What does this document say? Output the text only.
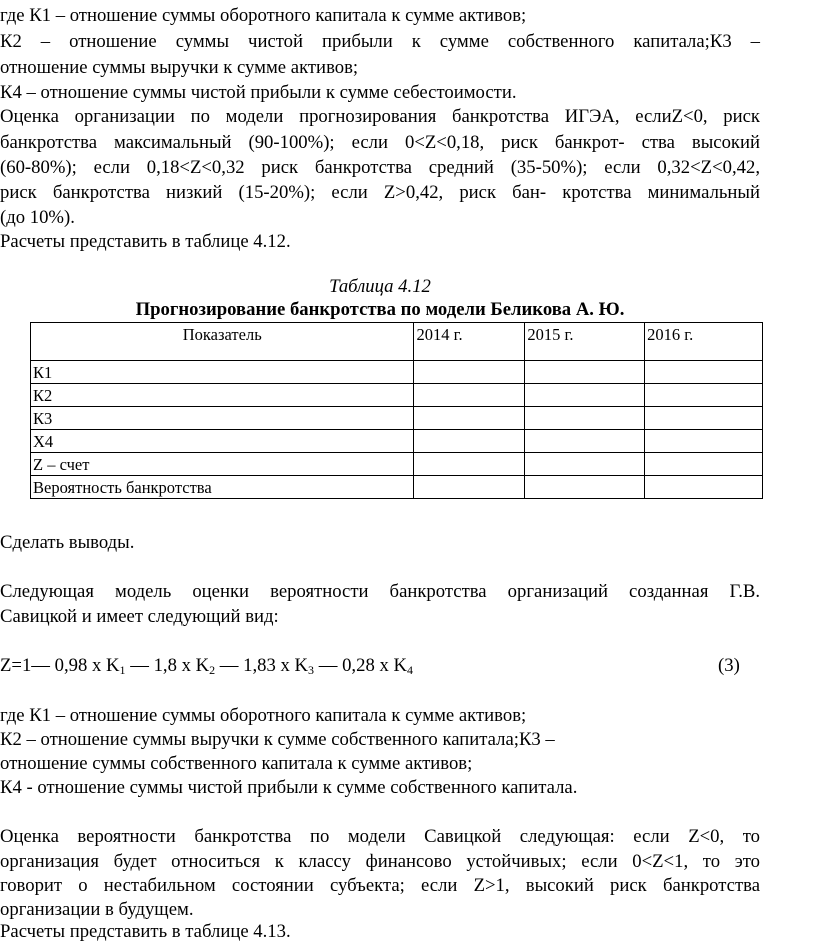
где К1 – отношение суммы оборотного капитала к сумме активов;
К2 – отношение суммы чистой прибыли к сумме собственного капитала;К3 –
отношение суммы выручки к сумме активов;
К4 – отношение суммы чистой прибыли к сумме себестоимости.
Оценка организации по модели прогнозирования банкротства ИГЭА, еслиZ<0, риск
банкротства максимальный (90-100%); если 0<Z<0,18, риск банкрот- ства высокий
(60-80%); если 0,18<Z<0,32 риск банкротства средний (35-50%); если 0,32<Z<0,42,
риск банкротства низкий (15-20%); если Z>0,42, риск бан- кротства минимальный
(до 10%).
Расчеты представить в таблице 4.12.
Таблица 4.12
Прогнозирование банкротства по модели Беликова А. Ю.
Показатель	2014 г.	2015 г.	2016 г.
К1			
К2			
К3			
Х4			
Z – счет			
Вероятность банкротства			
Сделать выводы.
Следующая модель оценки вероятности банкротства организаций созданная Г.В.
Савицкой и имеет следующий вид:
Z=1— 0,98 х $K_1$ — 1,8 х $K_2$ — 1,83 х $K_3$ — 0,28 х $K_4$	(3)
где К1 – отношение суммы оборотного капитала к сумме активов;
К2 – отношение суммы выручки к сумме собственного капитала;К3 –
отношение суммы собственного капитала к сумме активов;
К4 - отношение суммы чистой прибыли к сумме собственного капитала.
Оценка вероятности банкротства по модели Савицкой следующая: если Z<0, то
организация будет относиться к классу финансово устойчивых; если 0<Z<1, то это
говорит о нестабильном состоянии субъекта; если Z>1, высокий риск банкротства
организации в будущем.
Расчеты представить в таблице 4.13.
